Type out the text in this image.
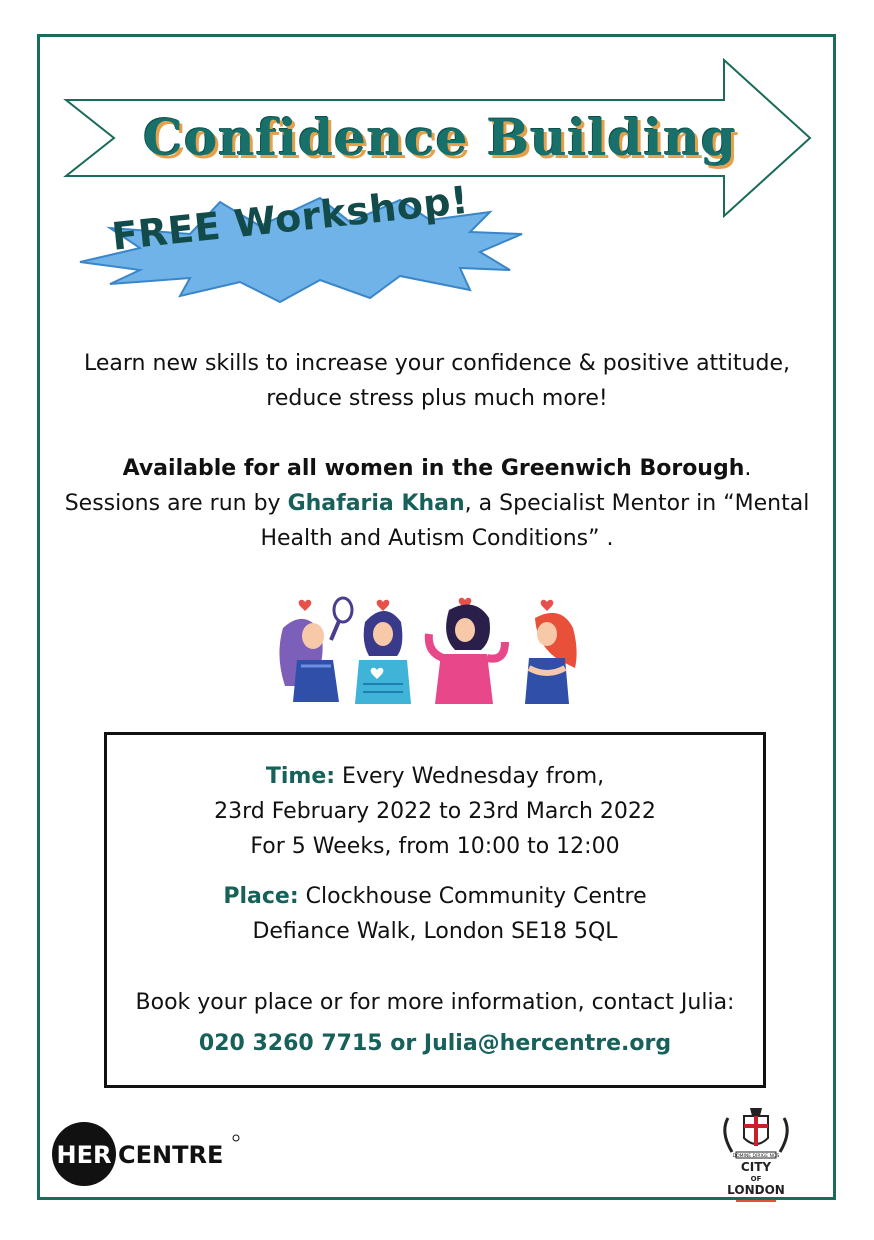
Confidence Building
FREE Workshop!
Learn new skills to increase your confidence & positive attitude,
reduce stress plus much more!
Available for all women in the Greenwich Borough.
Sessions are run by Ghafaria Khan, a Specialist Mentor in “Mental
Health and Autism Conditions” .
Time: Every Wednesday from,
23rd February 2022 to 23rd March 2022
For 5 Weeks, from 10:00 to 12:00
Place: Clockhouse Community Centre
Defiance Walk, London SE18 5QL
Book your place or for more information, contact Julia:
020 3260 7715 or Julia@hercentre.org
HER CENTRE	DOMINE DIRIGE NOS
CITY
OF
LONDON
